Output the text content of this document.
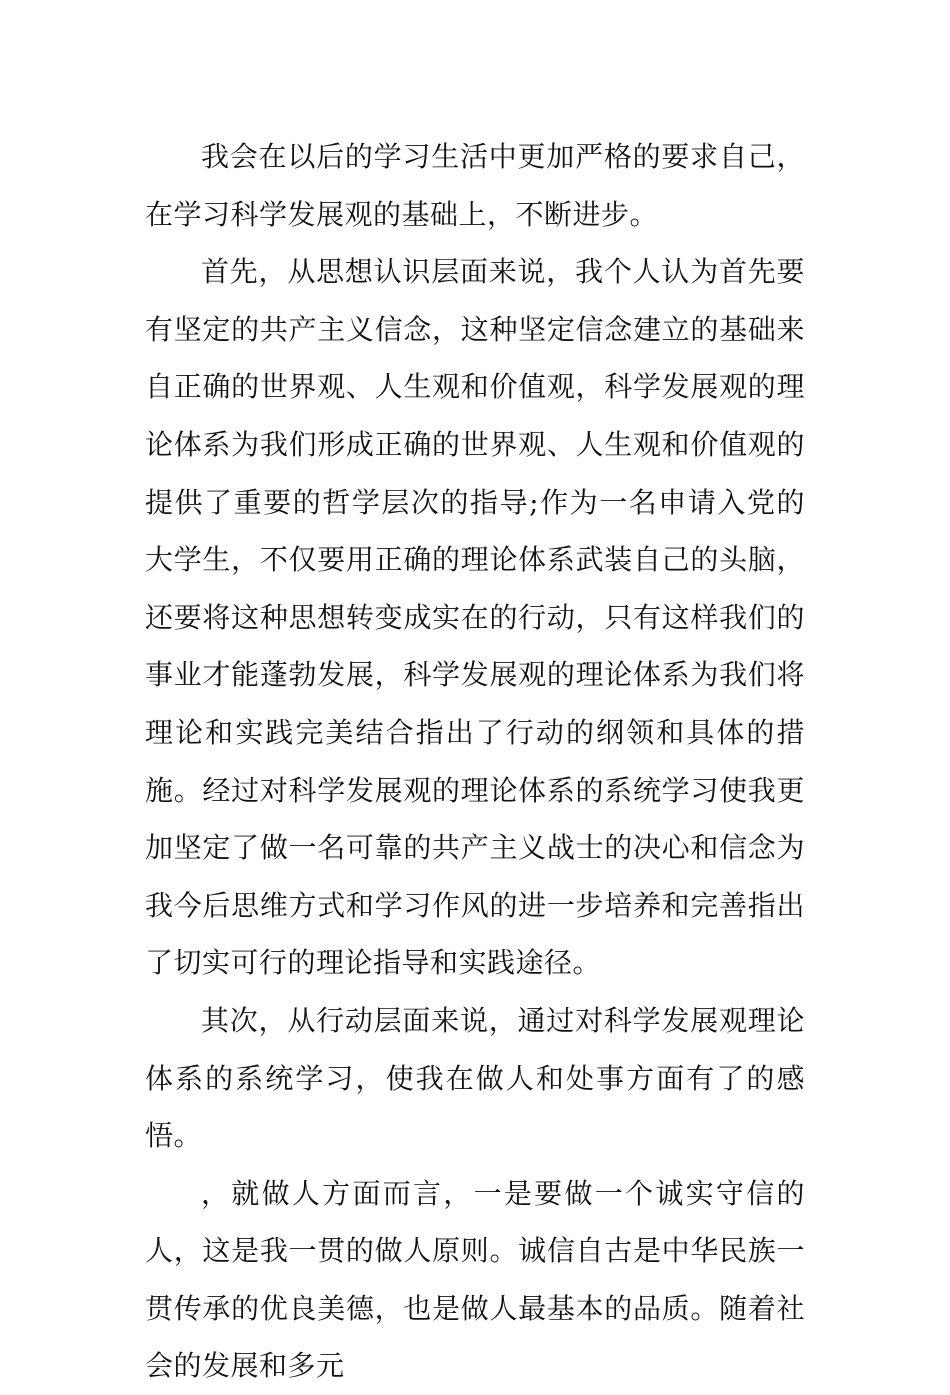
我会在以后的学习生活中更加严格的要求自己，在学习科学发展观的基础上，不断进步。

首先，从思想认识层面来说，我个人认为首先要有坚定的共产主义信念，这种坚定信念建立的基础来自正确的世界观、人生观和价值观，科学发展观的理论体系为我们形成正确的世界观、人生观和价值观的提供了重要的哲学层次的指导;作为一名申请入党的大学生，不仅要用正确的理论体系武装自己的头脑，还要将这种思想转变成实在的行动，只有这样我们的事业才能蓬勃发展，科学发展观的理论体系为我们将理论和实践完美结合指出了行动的纲领和具体的措施。经过对科学发展观的理论体系的系统学习使我更加坚定了做一名可靠的共产主义战士的决心和信念为我今后思维方式和学习作风的进一步培养和完善指出了切实可行的理论指导和实践途径。

其次，从行动层面来说，通过对科学发展观理论体系的系统学习，使我在做人和处事方面有了的感悟。

，就做人方面而言，一是要做一个诚实守信的人，这是我一贯的做人原则。诚信自古是中华民族一贯传承的优良美德，也是做人最基本的品质。随着社会的发展和多元
